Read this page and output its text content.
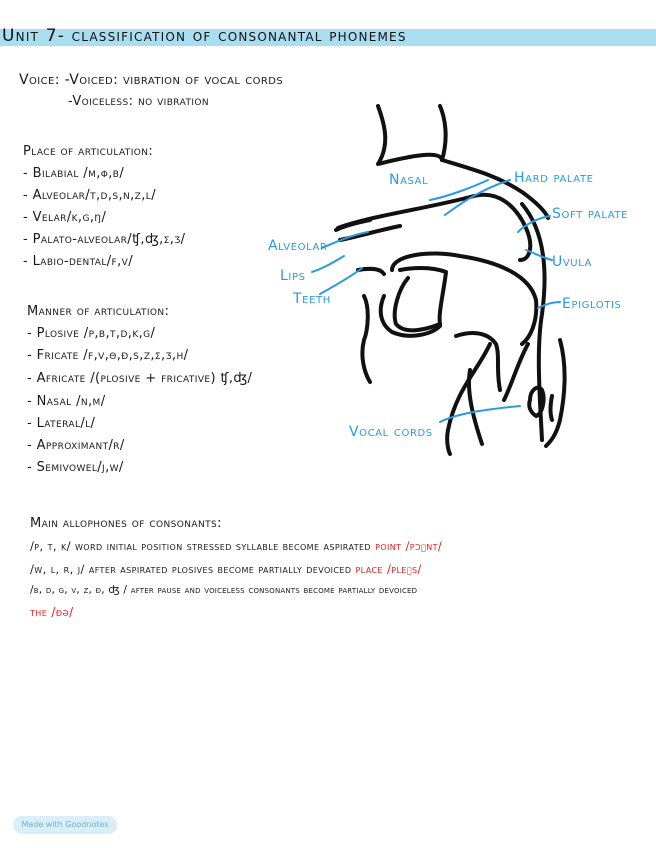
Unit 7- classification of consonantal phonemes
Voice: -Voiced: vibration of vocal cords
-Voiceless: no vibration
Place of articulation:
- Bilabial /m,φ,b/
- Alveolar/t,d,s,n,z,l/
- Velar/k,g,ŋ/
- Palato-alveolar/ʧ,ʤ,ʃ,ʒ/
- Labio-dental/f,v/
Manner of articulation:
- Plosive /p,b,t,d,k,g/
- Fricate /f,v,θ,ð,s,z,ʃ,ʒ,h/
- Africate /(plosive + fricative) ʧ,ʤ/
- Nasal /n,m/
- Lateral/l/
- Approximant/r/
- Semivowel/j,w/
Main allophones of consonants:
/p, t, k/ word initial position stressed syllable become aspirated point /pɔɪnt/
/w, l, r, j/ after aspirated plosives become partially devoiced place /pleɪs/
/b, d, g, v, z, ð, ʤ / after pause and voiceless consonants become partially devoiced
the /ðə/
Nasal	Hard palate
Soft palate
Alveolar
Uvula
Lips
Teeth	Epiglotis
Vocal cords
Made with Goodnotes
